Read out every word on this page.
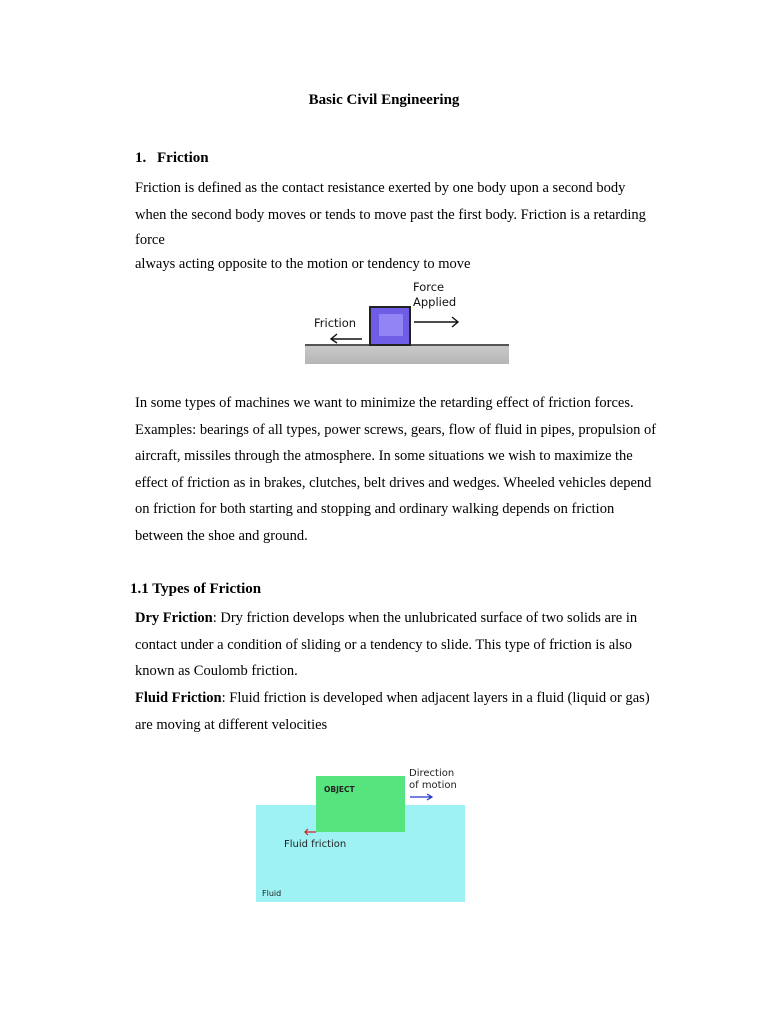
Basic Civil Engineering
1. Friction
Friction is defined as the contact resistance exerted by one body upon a second body
when the second body moves or tends to move past the first body. Friction is a retarding
force
always acting opposite to the motion or tendency to move
Friction
Force
Applied
In some types of machines we want to minimize the retarding effect of friction forces.
Examples: bearings of all types, power screws, gears, flow of fluid in pipes, propulsion of
aircraft, missiles through the atmosphere. In some situations we wish to maximize the
effect of friction as in brakes, clutches, belt drives and wedges. Wheeled vehicles depend
on friction for both starting and stopping and ordinary walking depends on friction
between the shoe and ground.
1.1 Types of Friction
Dry Friction: Dry friction develops when the unlubricated surface of two solids are in
contact under a condition of sliding or a tendency to slide. This type of friction is also
known as Coulomb friction.
Fluid Friction: Fluid friction is developed when adjacent layers in a fluid (liquid or gas)
are moving at different velocities
OBJECT
Direction
of motion
Fluid friction
Fluid
